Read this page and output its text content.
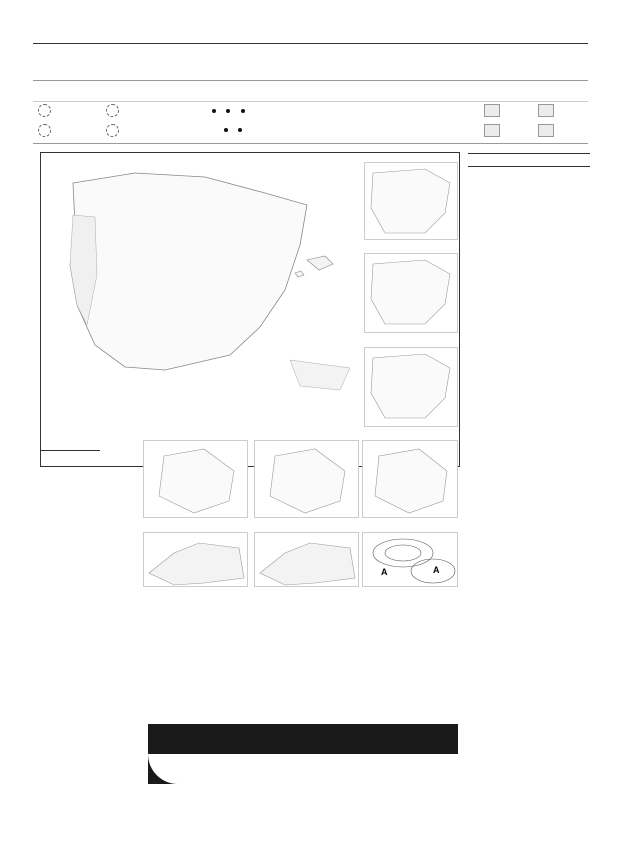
A	A
